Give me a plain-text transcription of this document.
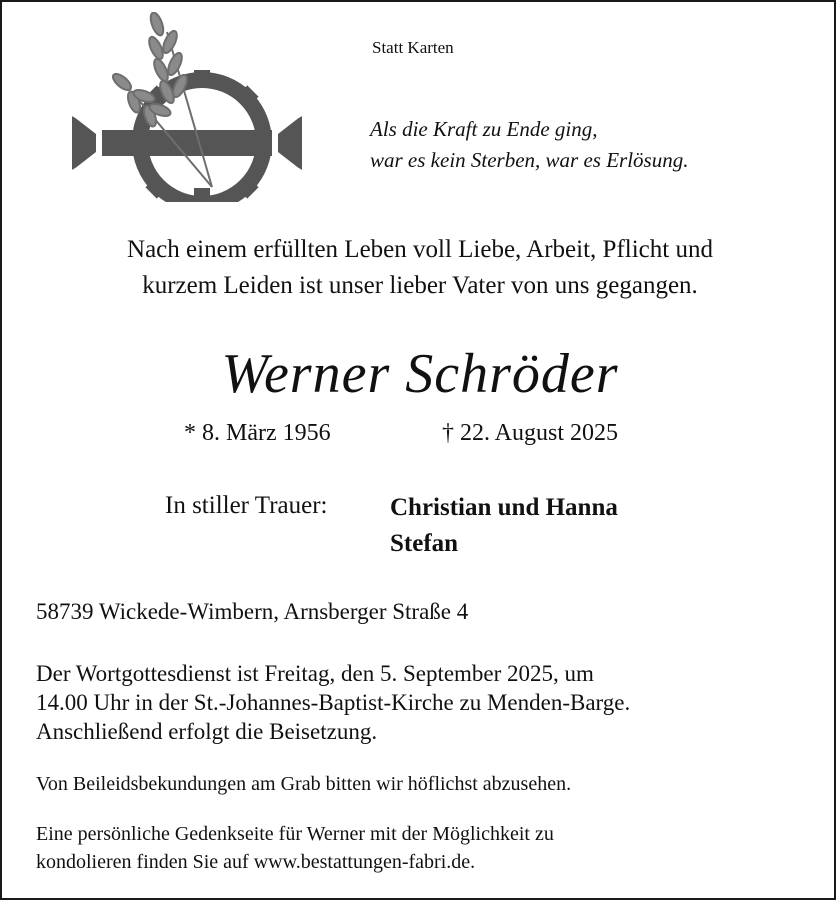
Statt Karten
Als die Kraft zu Ende ging,
war es kein Sterben, war es Erlösung.
Nach einem erfüllten Leben voll Liebe, Arbeit, Pflicht und
kurzem Leiden ist unser lieber Vater von uns gegangen.
Werner Schröder
* 8. März 1956	† 22. August 2025
In stiller Trauer:	Christian und Hanna
Stefan
58739 Wickede-Wimbern, Arnsberger Straße 4
Der Wortgottesdienst ist Freitag, den 5. September 2025, um
14.00 Uhr in der St.-Johannes-Baptist-Kirche zu Menden-Barge.
Anschließend erfolgt die Beisetzung.
Von Beileidsbekundungen am Grab bitten wir höflichst abzusehen.
Eine persönliche Gedenkseite für Werner mit der Möglichkeit zu
kondolieren finden Sie auf www.bestattungen-fabri.de.
